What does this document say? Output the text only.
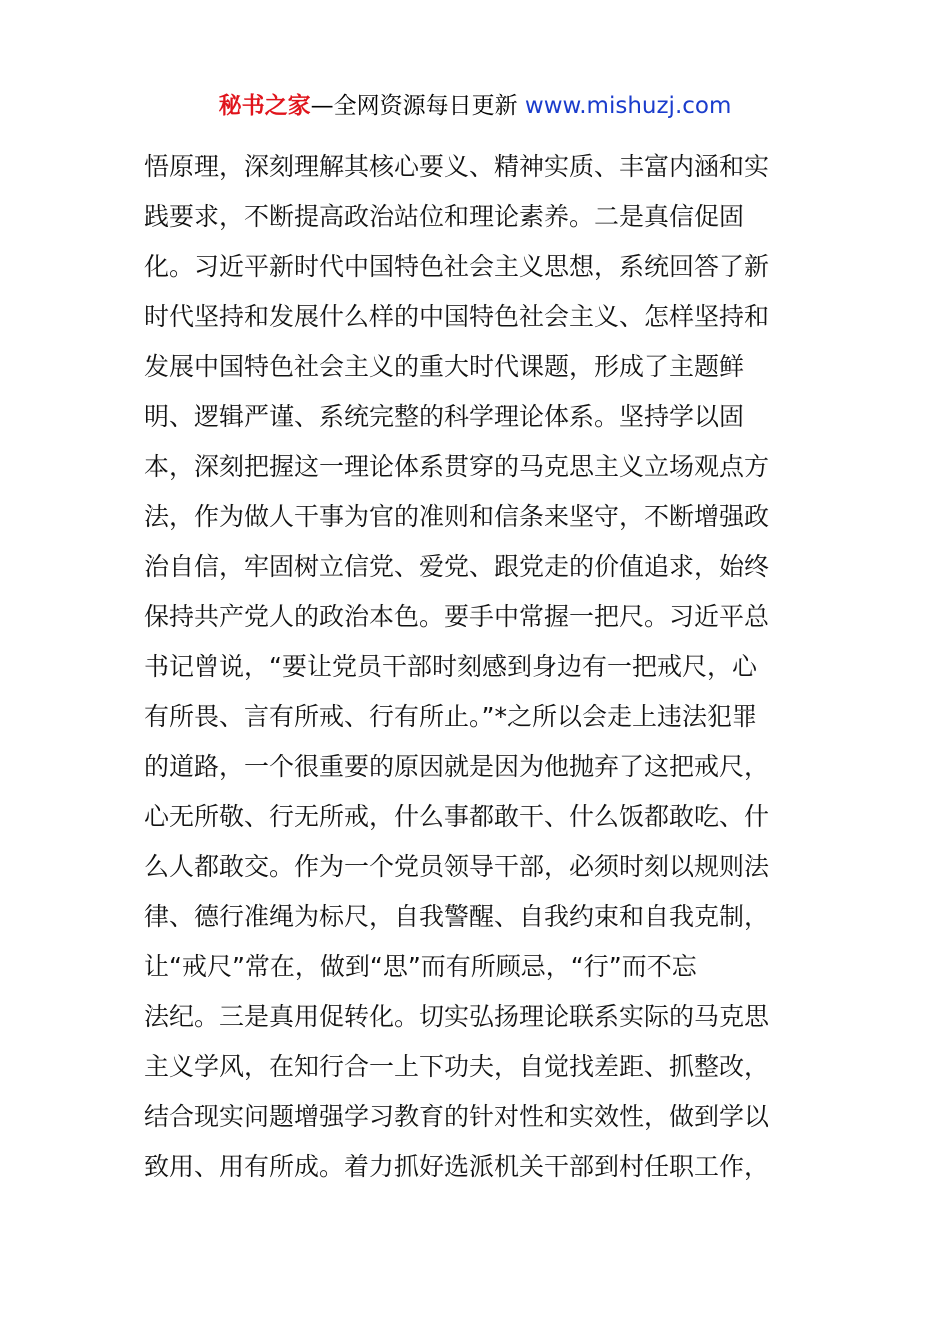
秘书之家—全网资源每日更新 www.mishuzj.com
悟原理，深刻理解其核心要义、精神实质、丰富内涵和实
践要求，不断提高政治站位和理论素养。二是真信促固
化。习近平新时代中国特色社会主义思想，系统回答了新
时代坚持和发展什么样的中国特色社会主义、怎样坚持和
发展中国特色社会主义的重大时代课题，形成了主题鲜
明、逻辑严谨、系统完整的科学理论体系。坚持学以固
本，深刻把握这一理论体系贯穿的马克思主义立场观点方
法，作为做人干事为官的准则和信条来坚守，不断增强政
治自信，牢固树立信党、爱党、跟党走的价值追求，始终
保持共产党人的政治本色。要手中常握一把尺。习近平总
书记曾说，“要让党员干部时刻感到身边有一把戒尺，心
有所畏、言有所戒、行有所止。”*之所以会走上违法犯罪
的道路，一个很重要的原因就是因为他抛弃了这把戒尺，
心无所敬、行无所戒，什么事都敢干、什么饭都敢吃、什
么人都敢交。作为一个党员领导干部，必须时刻以规则法
律、德行准绳为标尺，自我警醒、自我约束和自我克制，
让“戒尺”常在，做到“思”而有所顾忌，“行”而不忘
法纪。三是真用促转化。切实弘扬理论联系实际的马克思
主义学风，在知行合一上下功夫，自觉找差距、抓整改，
结合现实问题增强学习教育的针对性和实效性，做到学以
致用、用有所成。着力抓好选派机关干部到村任职工作，
